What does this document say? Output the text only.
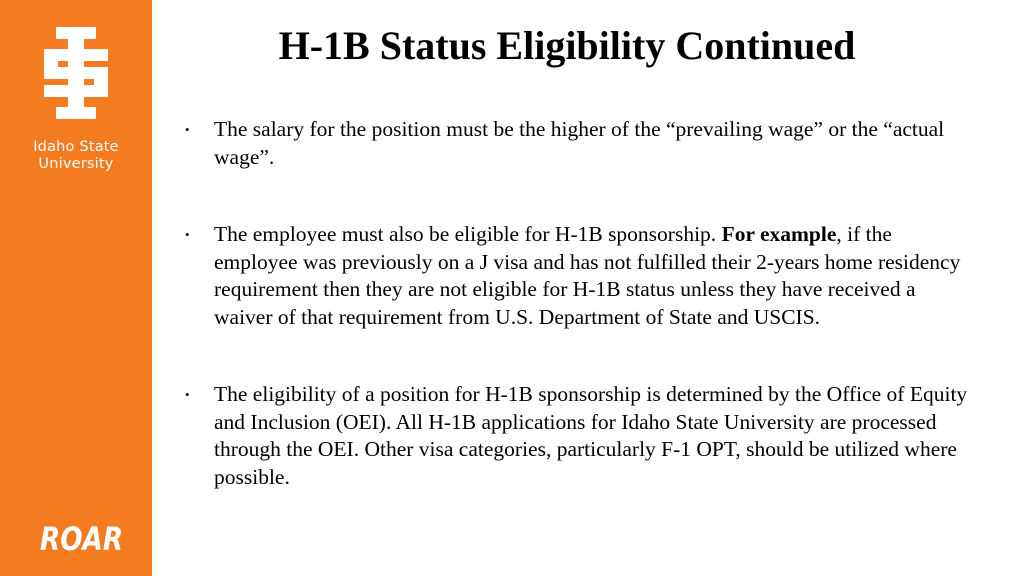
Idaho State
University
ROAR
H-1B Status Eligibility Continued
• The salary for the position must be the higher of the “prevailing wage” or the “actual wage”.
• The employee must also be eligible for H-1B sponsorship. For example, if the employee was previously on a J visa and has not fulfilled their 2-years home residency requirement then they are not eligible for H-1B status unless they have received a waiver of that requirement from U.S. Department of State and USCIS.
• The eligibility of a position for H-1B sponsorship is determined by the Office of Equity and Inclusion (OEI). All H-1B applications for Idaho State University are processed through the OEI. Other visa categories, particularly F-1 OPT, should be utilized where possible.
